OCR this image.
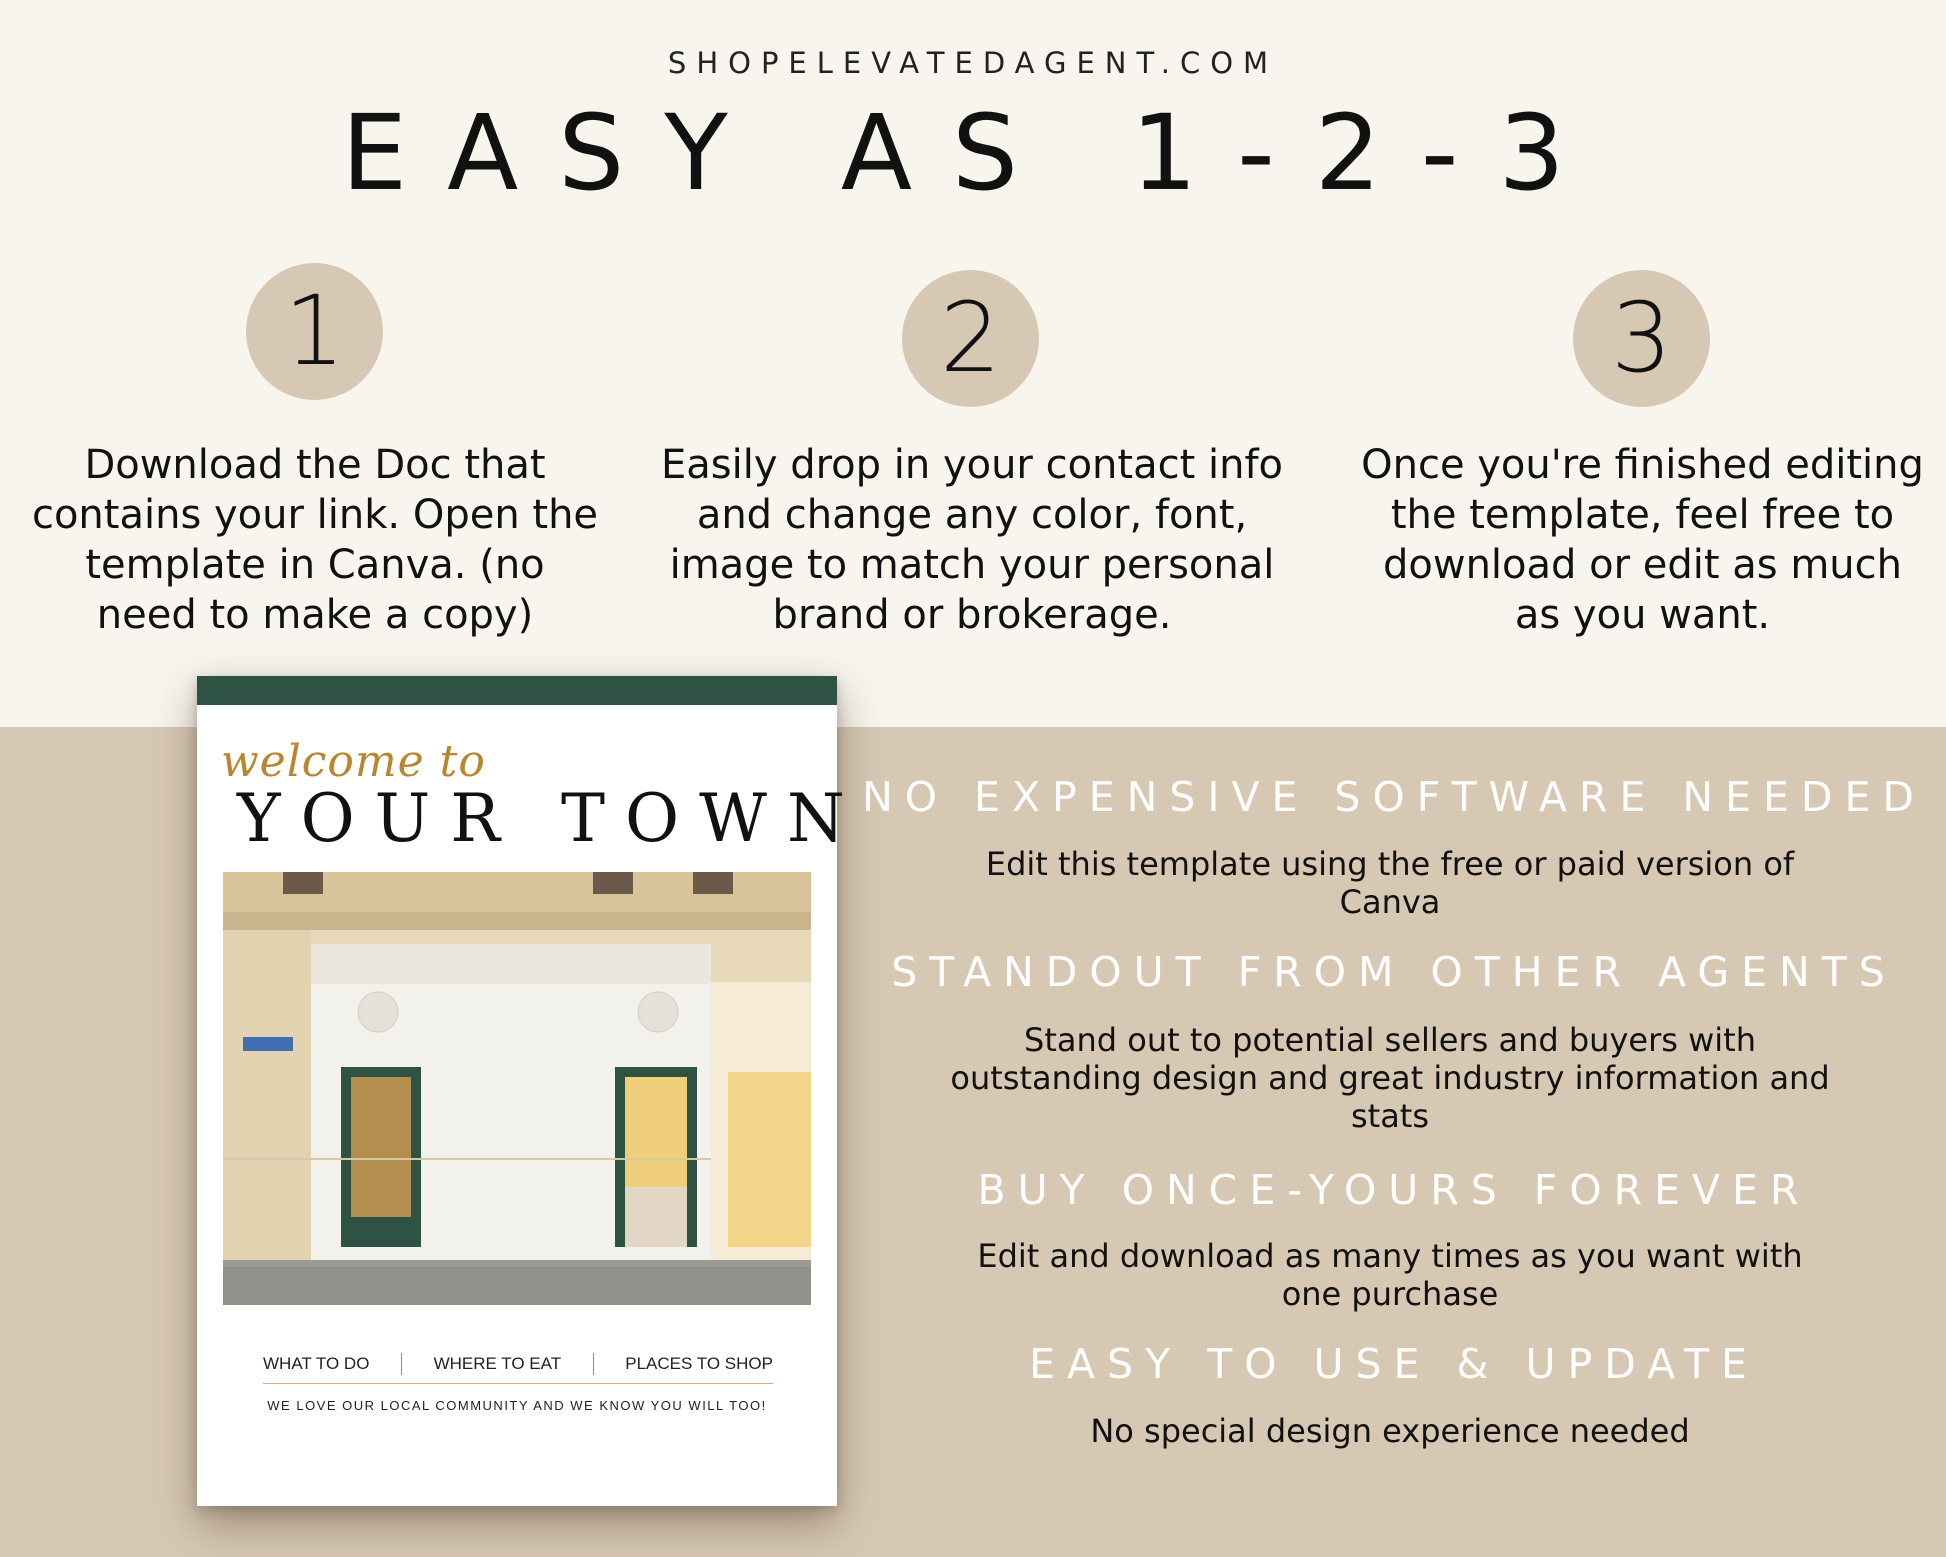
SHOPELEVATEDAGENT.COM
EASY AS 1-2-3
1
Download the Doc that contains your link. Open the template in Canva. (no need to make a copy)
2
Easily drop in your contact info and change any color, font, image to match your personal brand or brokerage.
3
Once you're finished editing the template, feel free to download or edit as much as you want.
welcome to
YOUR TOWN
WHAT TO DO	WHERE TO EAT	PLACES TO SHOP
WE LOVE OUR LOCAL COMMUNITY AND WE KNOW YOU WILL TOO!
NO EXPENSIVE SOFTWARE NEEDED
Edit this template using the free or paid version of Canva
STANDOUT FROM OTHER AGENTS
Stand out to potential sellers and buyers with outstanding design and great industry information and stats
BUY ONCE-YOURS FOREVER
Edit and download as many times as you want with one purchase
EASY TO USE & UPDATE
No special design experience needed
